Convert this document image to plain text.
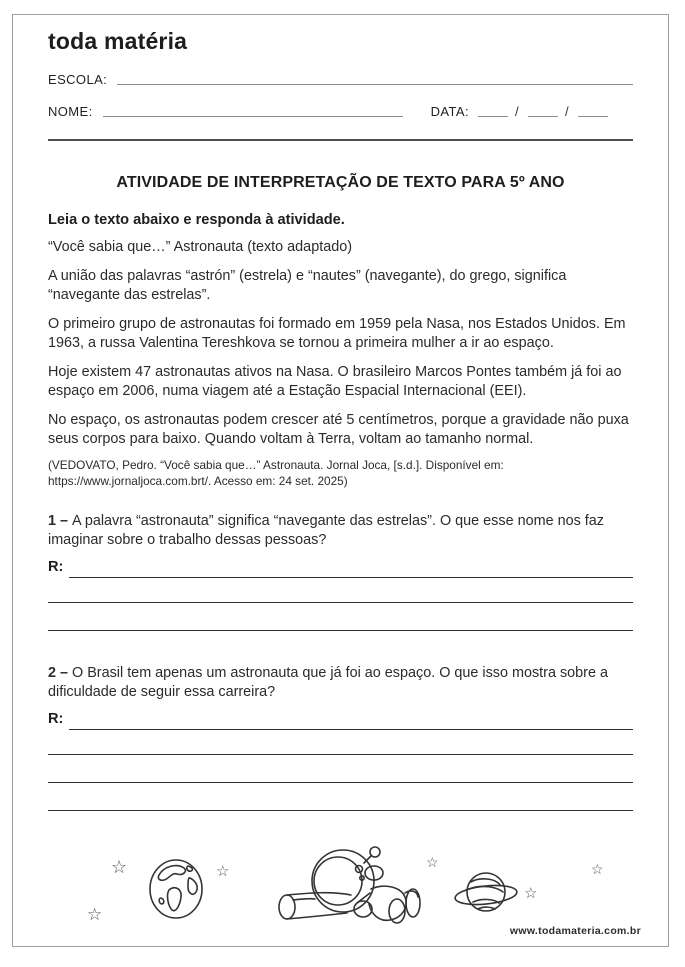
toda matéria
ESCOLA:
NOME:	DATA:	/	/
ATIVIDADE DE INTERPRETAÇÃO DE TEXTO PARA 5º ANO

Leia o texto abaixo e responda à atividade.

“Você sabia que…” Astronauta (texto adaptado)

A união das palavras “astrón” (estrela) e “nautes” (navegante), do grego, significa “navegante das estrelas”.

O primeiro grupo de astronautas foi formado em 1959 pela Nasa, nos Estados Unidos. Em 1963, a russa Valentina Tereshkova se tornou a primeira mulher a ir ao espaço.

Hoje existem 47 astronautas ativos na Nasa. O brasileiro Marcos Pontes também já foi ao espaço em 2006, numa viagem até a Estação Espacial Internacional (EEI).

No espaço, os astronautas podem crescer até 5 centímetros, porque a gravidade não puxa seus corpos para baixo. Quando voltam à Terra, voltam ao tamanho normal.

(VEDOVATO, Pedro. “Você sabia que…” Astronauta. Jornal Joca, [s.d.]. Disponível em: https://www.jornaljoca.com.brt/. Acesso em: 24 set. 2025)

1 – A palavra “astronauta” significa “navegante das estrelas”. O que esse nome nos faz imaginar sobre o trabalho dessas pessoas?

R:

2 – O Brasil tem apenas um astronauta que já foi ao espaço. O que isso mostra sobre a dificuldade de seguir essa carreira?

R:
☆	☆
☆
☆
☆
☆
www.todamateria.com.br
